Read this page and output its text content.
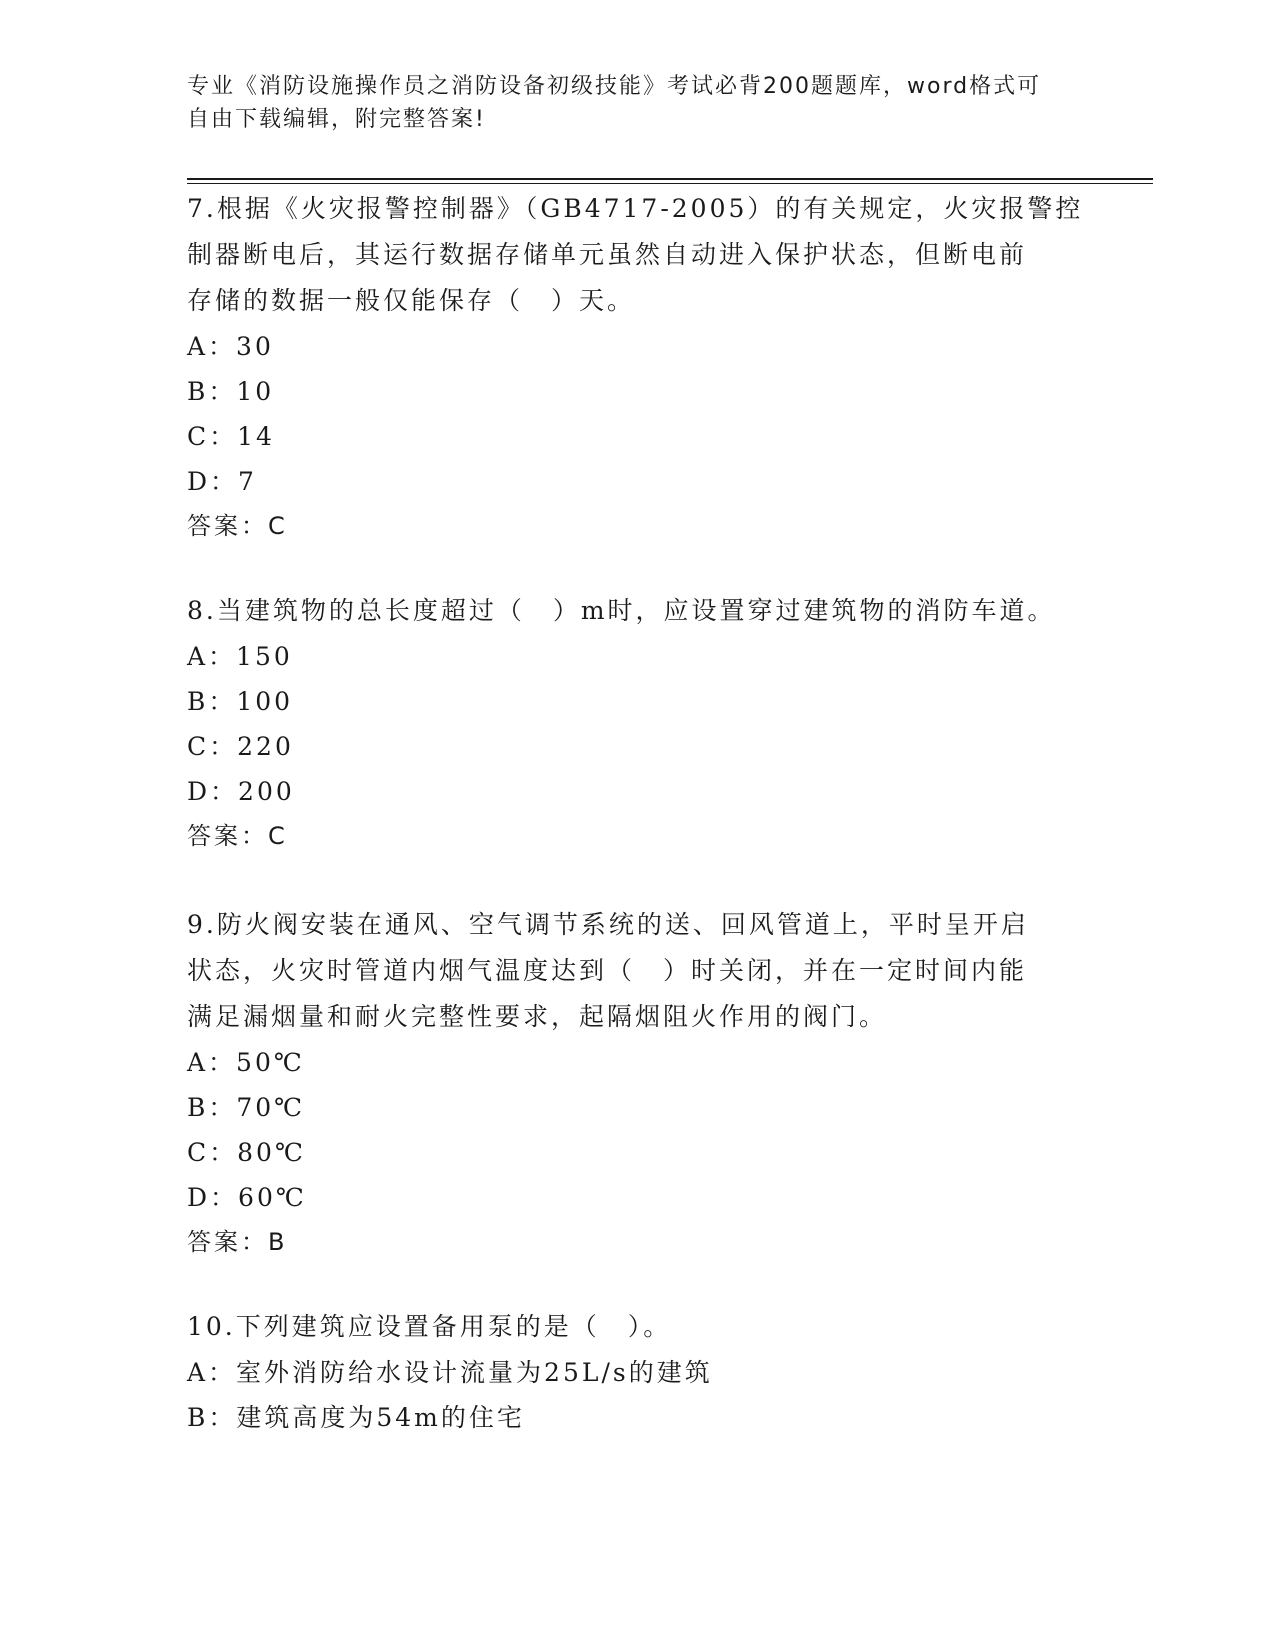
专业《消防设施操作员之消防设备初级技能》考试必背200题题库，word格式可
自由下载编辑，附完整答案!
7.根据《火灾报警控制器》（GB4717-2005）的有关规定，火灾报警控
制器断电后，其运行数据存储单元虽然自动进入保护状态，但断电前
存储的数据一般仅能保存（　）天。
A：30
B：10
C：14
D：7
答案：C
8.当建筑物的总长度超过（　）m时，应设置穿过建筑物的消防车道。
A：150
B：100
C：220
D：200
答案：C
9.防火阀安装在通风、空气调节系统的送、回风管道上，平时呈开启
状态，火灾时管道内烟气温度达到（　）时关闭，并在一定时间内能
满足漏烟量和耐火完整性要求，起隔烟阻火作用的阀门。
A：50℃
B：70℃
C：80℃
D：60℃
答案：B
10.下列建筑应设置备用泵的是（　）。
A：室外消防给水设计流量为25L/s的建筑
B：建筑高度为54m的住宅
